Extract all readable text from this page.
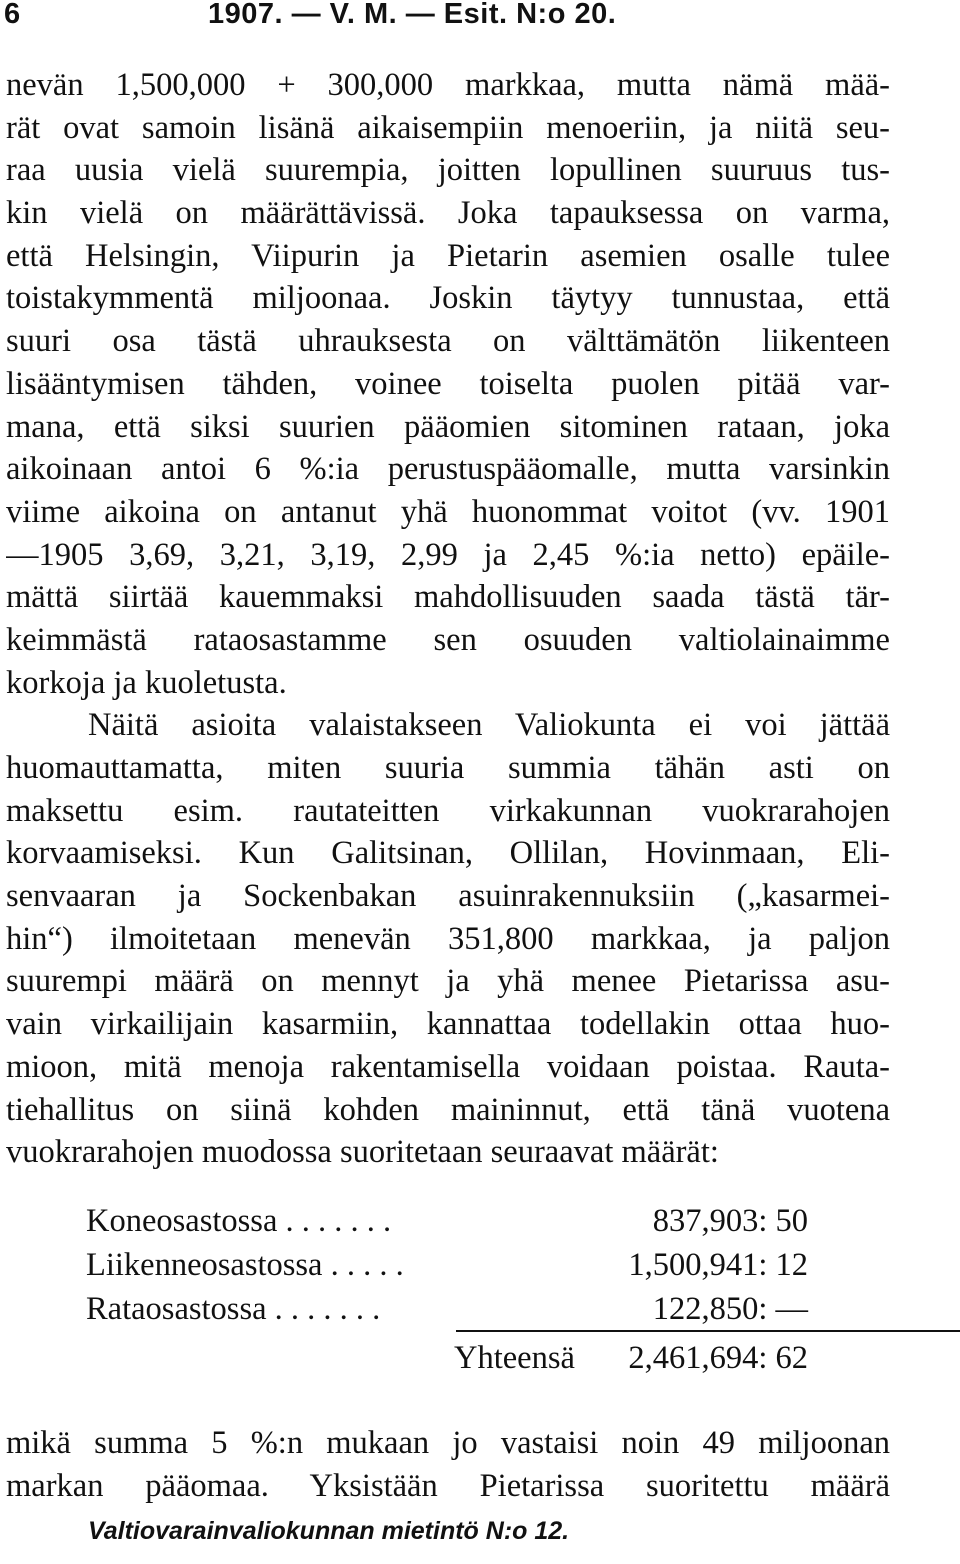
6	1907. — V. M. — Esit. N:o 20.
nevän 1,500,000 + 300,000 markkaa, mutta nämä mää-
rät ovat samoin lisänä aikaisempiin menoeriin, ja niitä seu-
raa uusia vielä suurempia, joitten lopullinen suuruus tus-
kin vielä on määrättävissä. Joka tapauksessa on varma,
että Helsingin, Viipurin ja Pietarin asemien osalle tulee
toistakymmentä miljoonaa. Joskin täytyy tunnustaa, että
suuri osa tästä uhrauksesta on välttämätön liikenteen
lisääntymisen tähden, voinee toiselta puolen pitää var-
mana, että siksi suurien pääomien sitominen rataan, joka
aikoinaan antoi 6 %:ia perustuspääomalle, mutta varsinkin
viime aikoina on antanut yhä huonommat voitot (vv. 1901
—1905 3,69, 3,21, 3,19, 2,99 ja 2,45 %:ia netto) epäile-
mättä siirtää kauemmaksi mahdollisuuden saada tästä tär-
keimmästä rataosastamme sen osuuden valtiolainaimme
korkoja ja kuoletusta.
Näitä asioita valaistakseen Valiokunta ei voi jättää
huomauttamatta, miten suuria summia tähän asti on
maksettu esim. rautateitten virkakunnan vuokrarahojen
korvaamiseksi. Kun Galitsinan, Ollilan, Hovinmaan, Eli-
senvaaran ja Sockenbakan asuinrakennuksiin („kasarmei-
hin“) ilmoitetaan menevän 351,800 markkaa, ja paljon
suurempi määrä on mennyt ja yhä menee Pietarissa asu-
vain virkailijain kasarmiin, kannattaa todellakin ottaa huo-
mioon, mitä menoja rakentamisella voidaan poistaa. Rauta-
tiehallitus on siinä kohden maininnut, että tänä vuotena
vuokrarahojen muodossa suoritetaan seuraavat määrät:
Koneosastossa . . . . . . .	837,903: 50
Liikenneosastossa . . . . .	1,500,941: 12
Rataosastossa . . . . . . .	122,850: —
Yhteensä 2,461,694: 62
mikä summa 5 %:n mukaan jo vastaisi noin 49 miljoonan
markan pääomaa. Yksistään Pietarissa suoritettu määrä
Valtiovarainvaliokunnan mietintö N:o 12.
